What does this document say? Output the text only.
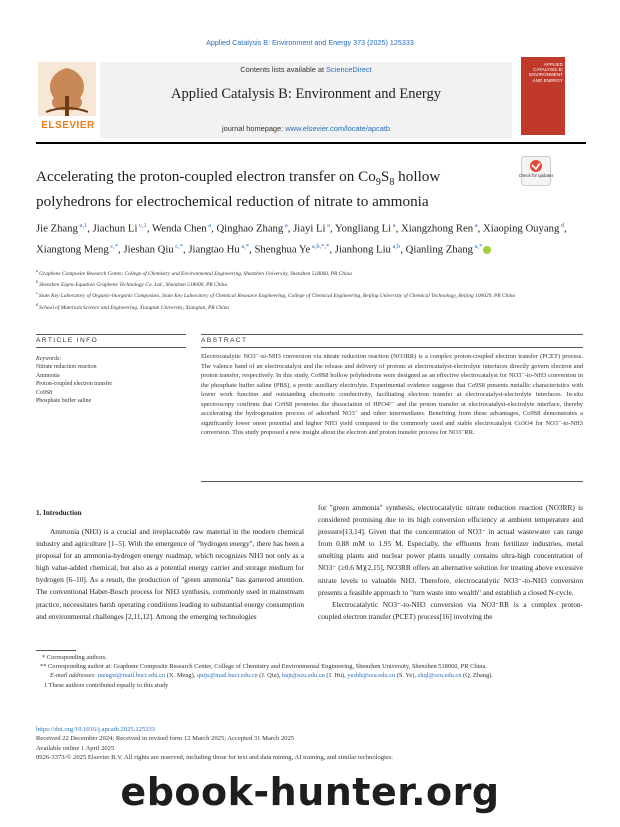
Applied Catalysis B: Environment and Energy 373 (2025) 125333
Contents lists available at ScienceDirect
Applied Catalysis B: Environment and Energy
journal homepage: www.elsevier.com/locate/apcatb
ELSEVIER
APPLIED CATALYSIS B: ENVIRONMENT AND ENERGY
Check for updates
Accelerating the proton-coupled electron transfer on $Co_9S_8$ hollow polyhedrons for electrochemical reduction of nitrate to ammonia
Jie Zhang $^{a,1}$, Jiachun Li $^{c,1}$, Wenda Chen $^a$, Qinghao Zhang $^a$, Jiayi Li $^a$, Yongliang Li $^a$, Xiangzhong Ren $^a$, Xiaoping Ouyang $^d$, Xiangtong Meng $^{c,*}$, Jieshan Qiu $^{c,*}$, Jiangtao Hu $^{a,*}$, Shenghua Ye $^{a,b,*,*}$, Jianhong Liu $^{a,b}$, Qianling Zhang $^{a,*}$

$^a$ Graphene Composite Research Center, College of Chemistry and Environmental Engineering, Shenzhen University, Shenzhen 518060, PR China

$^b$ Shenzhen Eigen-Equation Graphene Technology Co. Ltd., Shenzhen 518000, PR China

$^c$ State Key Laboratory of Organic-Inorganic Composites, State Key Laboratory of Chemical Resource Engineering, College of Chemical Engineering, Beijing University of Chemical Technology, Beijing 100029, PR China

$^d$ School of Materials Science and Engineering, Xiangtan University, Xiangtan, PR China

ARTICLE INFO	ABSTRACT
Keywords:
Nitrate reduction reaction
Ammonia
Proton-coupled electron transfer
Co9S8
Phosphate buffer saline
Electrocatalytic NO3⁻-to-NH3 conversion via nitrate reduction reaction (NO3RR) is a complex proton-coupled electron transfer (PCET) process. The valence band of an electrocatalyst and the release and delivery of protons at electrocatalyst-electrolyte interfaces directly govern electron and proton transfer, respectively. In this study, Co9S8 hollow polyhedrons were designed as an effective electrocatalyst for NO3⁻-to-NH3 conversion in the phosphate buffer saline (PBS), a protic auxiliary electrolyte. Experimental evidence suggests that Co9S8 presents metallic characteristics with lower work function and outstanding electronic conductivity, facilitating electron transfer at electrocatalyst-electrolyte interfaces. In-situ spectroscopy confirms that Co9S8 promotes the dissociation of HPO4²⁻ and the proton transfer at electrocatalyst-electrolyte interface, thereby accelerating the hydrogenation process of adsorbed NO3⁻ and other intermediates. Benefiting from these advantages, Co9S8 demonstrates a significantly lower onset potential and higher NH3 yield compared to the commonly used and stable electrocatalyst Co3O4 for NO3⁻-to-NH3 conversion. This study proposed a new insight about the electron and proton transfer process for NO3⁻RR.
1. Introduction
Ammonia (NH3) is a crucial and irreplaceable raw material in the modern chemical industry and agriculture [1–5]. With the emergence of "hydrogen energy", there has been a proposal for an ammonia-hydrogen energy roadmap, which recognizes NH3 not only as a high value-added chemical, but also as a potential energy carrier and storage medium for hydrogen [6–10]. As a result, the production of "green ammonia" has garnered attention. The conventional Haber-Bosch process for NH3 synthesis, commonly used in mainstream practice, necessitates harsh operating conditions leading to substantial energy consumption and environmental challenges [2,11,12]. Among the emerging technologies

for "green ammonia" synthesis, electrocatalytic nitrate reduction reaction (NO3RR) is considered promising due to its high conversion efficiency at ambient temperature and pressure[13,14]. Given that the concentration of NO3⁻ in actual wastewater can range from 0.88 mM to 1.95 M. Especially, the effluents from fertilizer industries, metal smelting plants and nuclear power plants usually contains ultra-high concentration of NO3⁻ (≥0.6 M)[2,15], NO3RR offers an alternative solution for treating above excessive nitrate levels to valuable NH3. Therefore, electrocatalytic NO3⁻-to-NH3 conversion presents a feasible approach to "turn waste into wealth" and establish a closed N-cycle.

Electrocatalytic NO3⁻-to-NH3 conversion via NO3⁻RR is a complex proton-coupled electron transfer (PCET) process[16] involving the

* Corresponding authors.

** Corresponding author at: Graphene Composite Research Center, College of Chemistry and Environmental Engineering, Shenzhen University, Shenzhen 518060, PR China.

E-mail addresses: mengxt@mail.buct.edu.cn (X. Meng), qiujs@mail.buct.edu.cn (J. Qiu), hujt@szu.edu.cn (J. Hu), yeshh@szu.edu.cn (S. Ye), zhql@szu.edu.cn (Q. Zhang).

1 These authors contributed equally to this study

https://doi.org/10.1016/j.apcatb.2025.125333

Received 22 December 2024; Received in revised form 12 March 2025; Accepted 31 March 2025

Available online 1 April 2025

0926-3373/© 2025 Elsevier B.V. All rights are reserved, including those for text and data mining, AI training, and similar technologies.

ebook-hunter.org
